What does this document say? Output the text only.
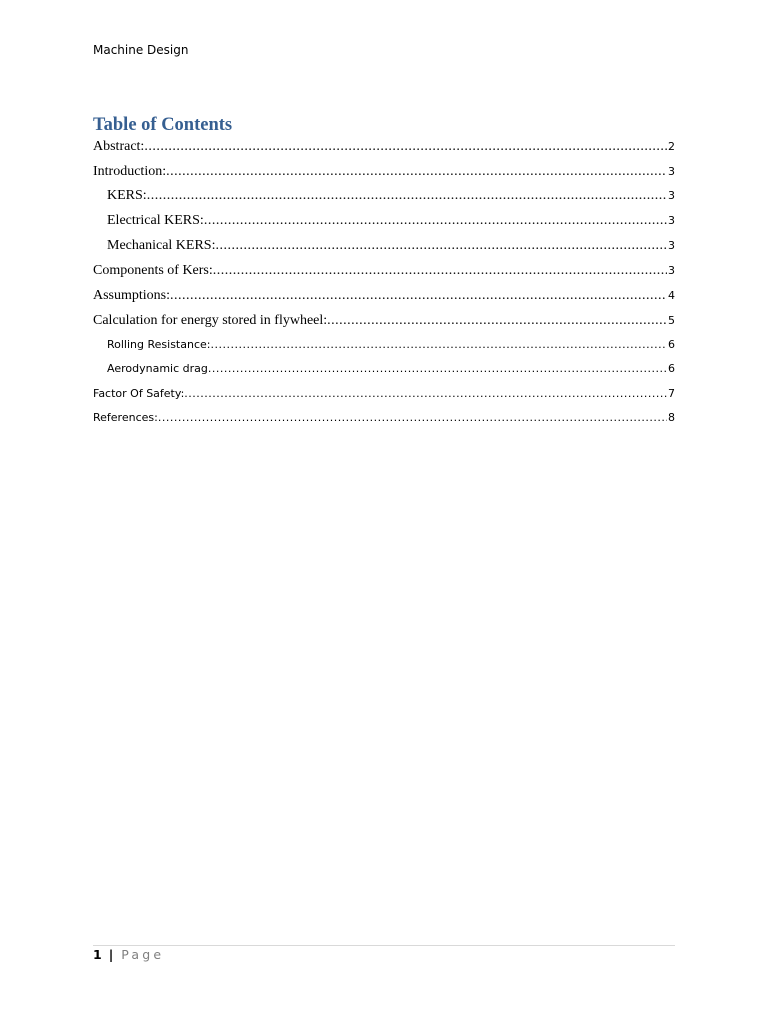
Machine Design
Table of Contents
Abstract: .....	2
Introduction: .....	3
KERS: .....	3
Electrical KERS: .....	3
Mechanical KERS: .....	3
Components of Kers: .....	3
Assumptions: .....	4
Calculation for energy stored in flywheel: .....	5
Rolling Resistance: .....	6
Aerodynamic drag .....	6
Factor Of Safety: .....	7
References: .....	8
1 | Page
